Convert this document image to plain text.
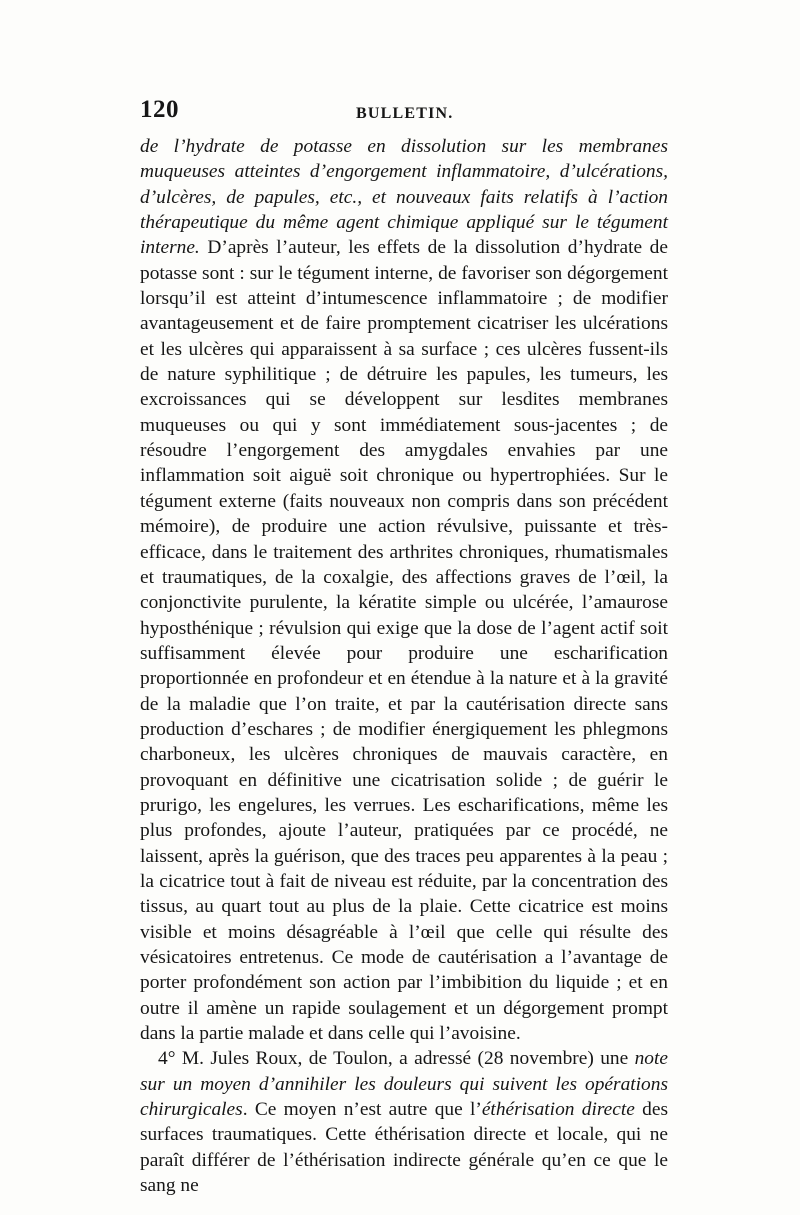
120	BULLETIN.

de l’hydrate de potasse en dissolution sur les membranes muqueuses atteintes d’engorgement inflammatoire, d’ulcérations, d’ulcères, de papules, etc., et nouveaux faits relatifs à l’action thérapeutique du même agent chimique appliqué sur le tégument interne. D’après l’auteur, les effets de la dissolution d’hydrate de potasse sont : sur le tégument interne, de favoriser son dégorgement lorsqu’il est atteint d’intumescence inflammatoire ; de modifier avantageusement et de faire promptement cicatriser les ulcérations et les ulcères qui apparaissent à sa surface ; ces ulcères fussent-ils de nature syphilitique ; de détruire les papules, les tumeurs, les excroissances qui se développent sur lesdites membranes muqueuses ou qui y sont immédiatement sous-jacentes ; de résoudre l’engorgement des amygdales envahies par une inflammation soit aiguë soit chronique ou hypertrophiées. Sur le tégument externe (faits nouveaux non compris dans son précédent mémoire), de produire une action révulsive, puissante et très-efficace, dans le traitement des arthrites chroniques, rhumatismales et traumatiques, de la coxalgie, des affections graves de l’œil, la conjonctivite purulente, la kératite simple ou ulcérée, l’amaurose hyposthénique ; révulsion qui exige que la dose de l’agent actif soit suffisamment élevée pour produire une escharification proportionnée en profondeur et en étendue à la nature et à la gravité de la maladie que l’on traite, et par la cautérisation directe sans production d’eschares ; de modifier énergiquement les phlegmons charboneux, les ulcères chroniques de mauvais caractère, en provoquant en définitive une cicatrisation solide ; de guérir le prurigo, les engelures, les verrues. Les escharifications, même les plus profondes, ajoute l’auteur, pratiquées par ce procédé, ne laissent, après la guérison, que des traces peu apparentes à la peau ; la cicatrice tout à fait de niveau est réduite, par la concentration des tissus, au quart tout au plus de la plaie. Cette cicatrice est moins visible et moins désagréable à l’œil que celle qui résulte des vésicatoires entretenus. Ce mode de cautérisation a l’avantage de porter profondément son action par l’imbibition du liquide ; et en outre il amène un rapide soulagement et un dégorgement prompt dans la partie malade et dans celle qui l’avoisine.

4° M. Jules Roux, de Toulon, a adressé (28 novembre) une note sur un moyen d’annihiler les douleurs qui suivent les opérations chirurgicales. Ce moyen n’est autre que l’éthérisation directe des surfaces traumatiques. Cette éthérisation directe et locale, qui ne paraît différer de l’éthérisation indirecte générale qu’en ce que le sang ne
